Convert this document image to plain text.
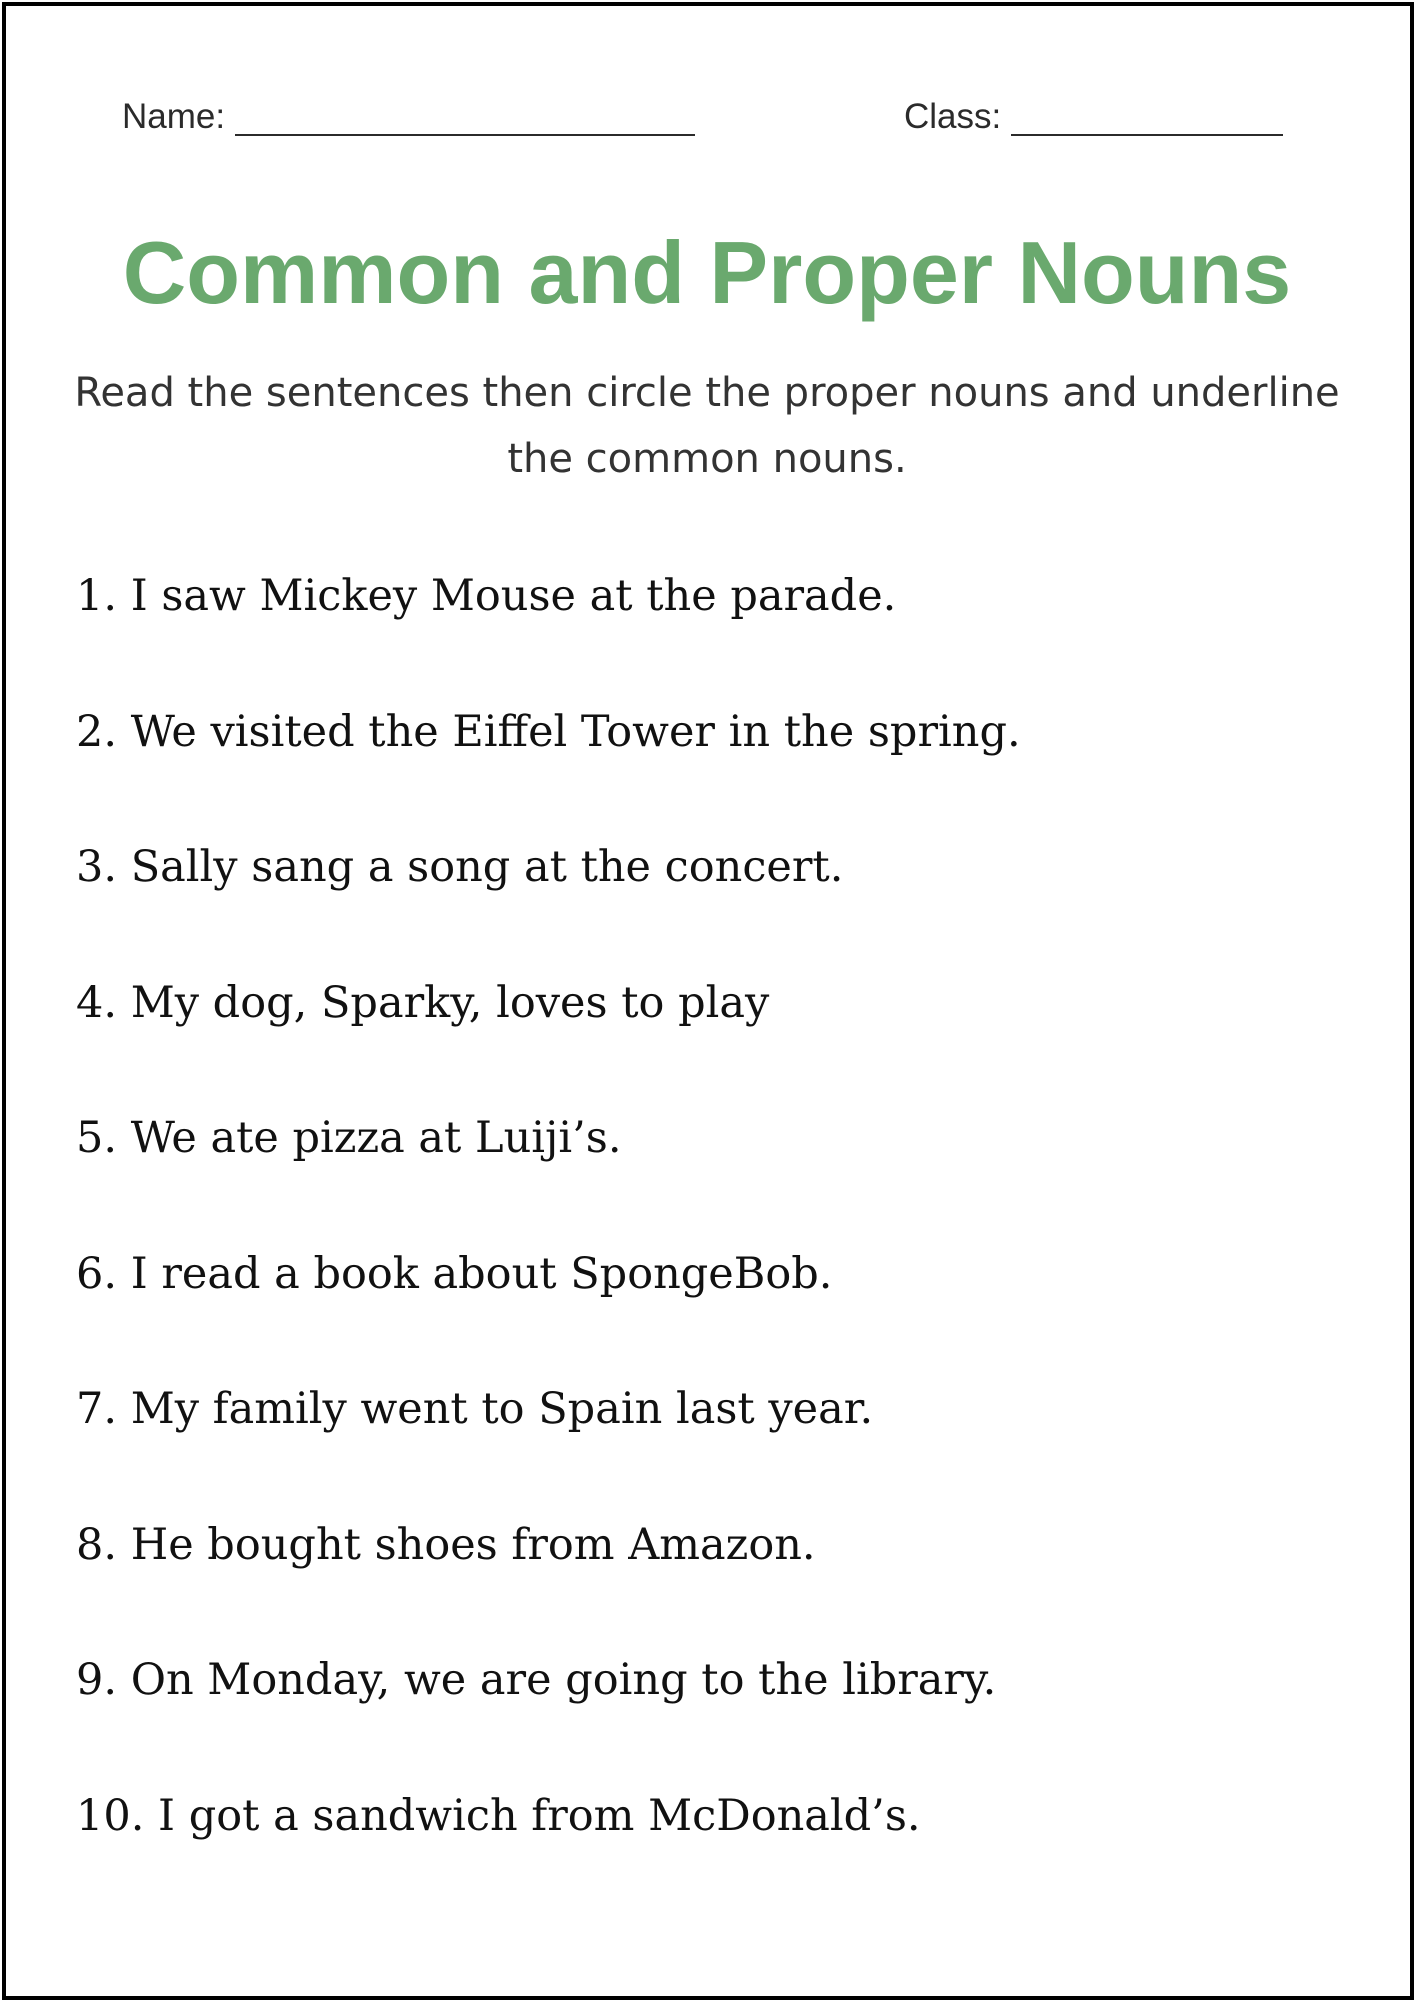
Name:	Class:
Common and Proper Nouns

Read the sentences then circle the proper nouns and underline the common nouns.

1. I saw Mickey Mouse at the parade.
2. We visited the Eiffel Tower in the spring.
3. Sally sang a song at the concert.
4. My dog, Sparky, loves to play
5. We ate pizza at Luiji’s.
6. I read a book about SpongeBob.
7. My family went to Spain last year.
8. He bought shoes from Amazon.
9. On Monday, we are going to the library.
10. I got a sandwich from McDonald’s.
